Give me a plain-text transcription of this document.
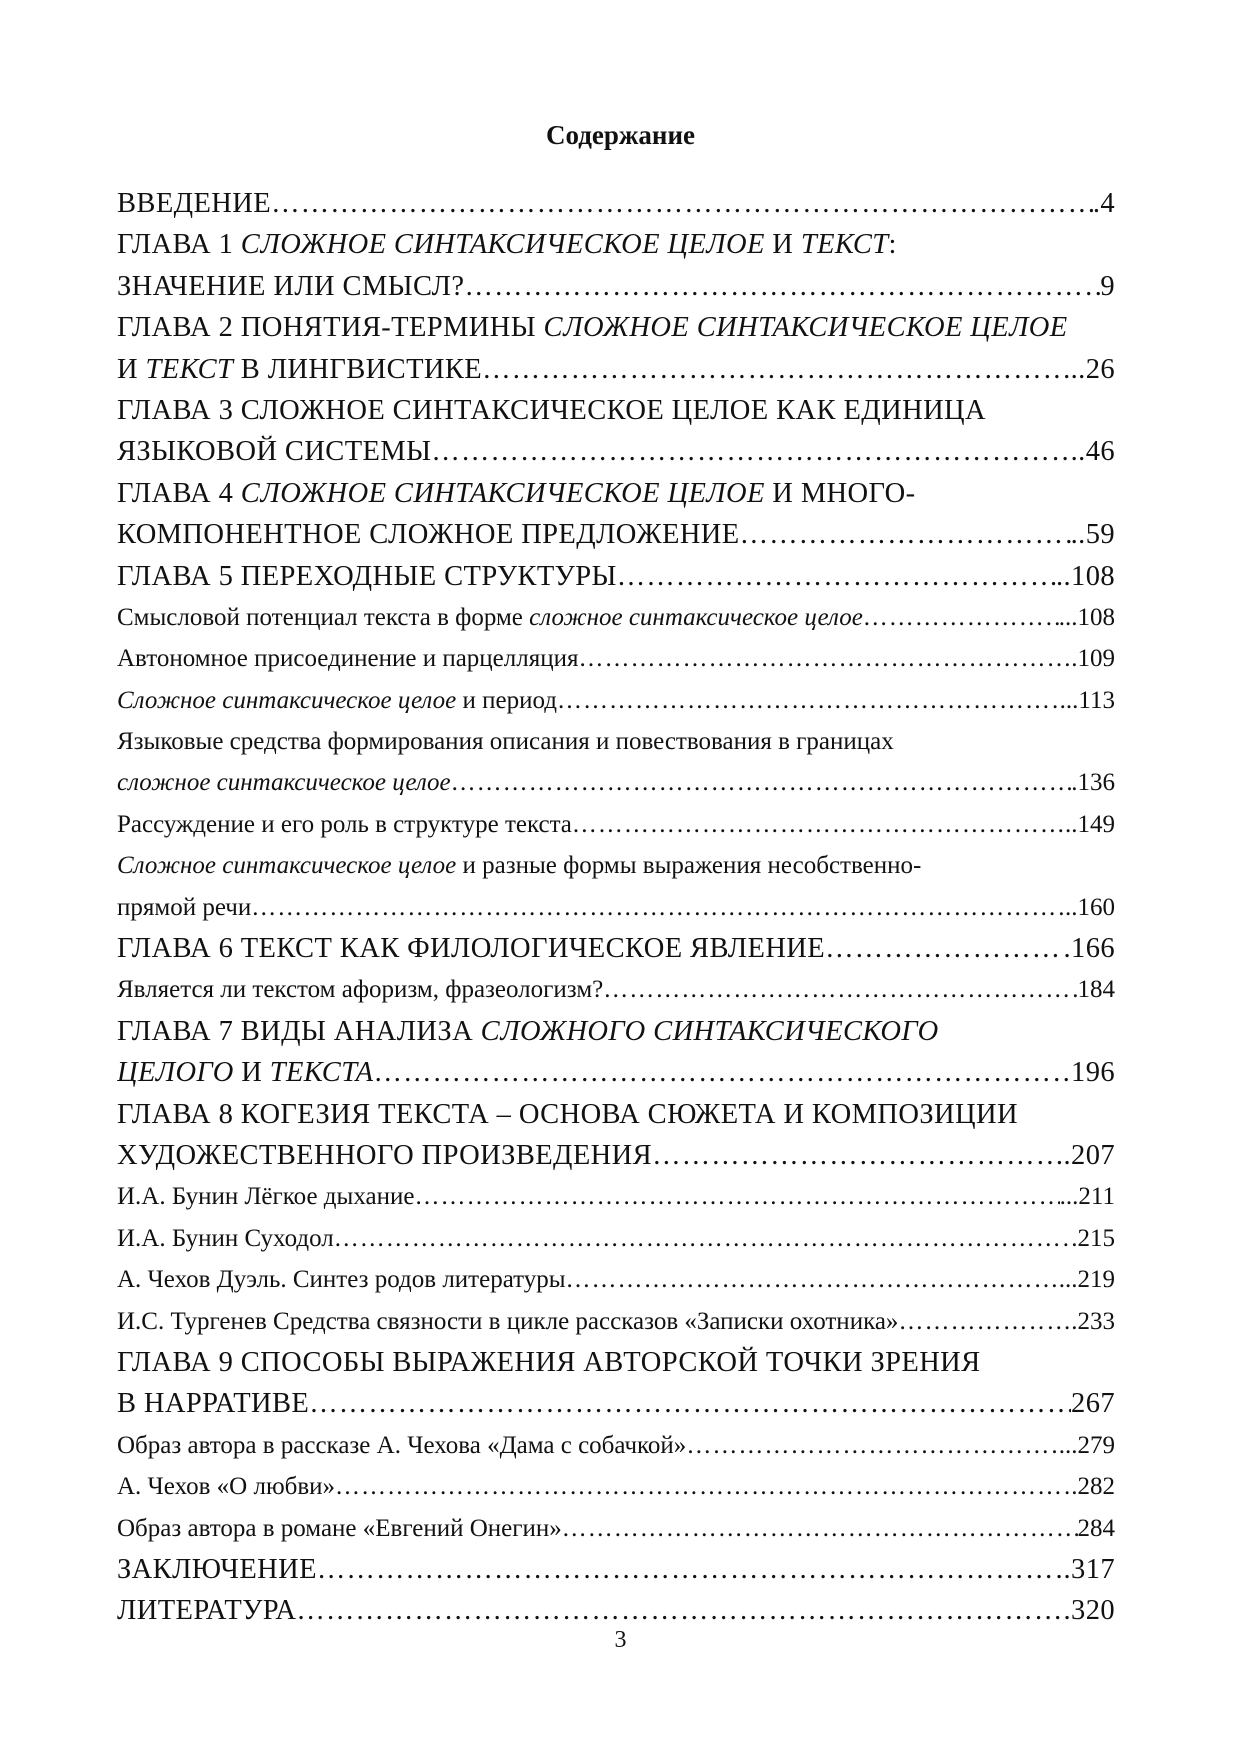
Содержание
ВВЕДЕНИЕ ……………………………………………………………………………………………………………………………………………………………………………………	.4
ГЛАВА 1 СЛОЖНОЕ СИНТАКСИЧЕСКОЕ ЦЕЛОЕ И ТЕКСТ:
ЗНАЧЕНИЕ ИЛИ СМЫСЛ? ……………………………………………………………………………………………………………………………………………………………………………………	9
ГЛАВА 2 ПОНЯТИЯ-ТЕРМИНЫ СЛОЖНОЕ СИНТАКСИЧЕСКОЕ ЦЕЛОЕ
И ТЕКСТ В ЛИНГВИСТИКЕ ……………………………………………………………………………………………………………………………………………………………………………………	...26
ГЛАВА 3 СЛОЖНОЕ СИНТАКСИЧЕСКОЕ ЦЕЛОЕ КАК ЕДИНИЦА
ЯЗЫКОВОЙ СИСТЕМЫ ……………………………………………………………………………………………………………………………………………………………………………………	..46
ГЛАВА 4 СЛОЖНОЕ СИНТАКСИЧЕСКОЕ ЦЕЛОЕ И МНОГО-
КОМПОНЕНТНОЕ СЛОЖНОЕ ПРЕДЛОЖЕНИЕ ……………………………………………………………………………………………………………………………………………………………………………………	..59
ГЛАВА 5 ПЕРЕХОДНЫЕ СТРУКТУРЫ ……………………………………………………………………………………………………………………………………………………………………………………	..108
Смысловой потенциал текста в форме сложное синтаксическое целое ……………………………………………………………………………………………………………………………………………………………………………………	...108
Автономное присоединение и парцелляция ……………………………………………………………………………………………………………………………………………………………………………………	.109
Сложное синтаксическое целое и период ……………………………………………………………………………………………………………………………………………………………………………………	...113
Языковые средства формирования описания и повествования в границах
сложное синтаксическое целое ……………………………………………………………………………………………………………………………………………………………………………………	.136
Рассуждение и его роль в структуре текста ……………………………………………………………………………………………………………………………………………………………………………………	..149
Сложное синтаксическое целое и разные формы выражения несобственно-
прямой речи ……………………………………………………………………………………………………………………………………………………………………………………	..160
ГЛАВА 6 ТЕКСТ КАК ФИЛОЛОГИЧЕСКОЕ ЯВЛЕНИЕ ……………………………………………………………………………………………………………………………………………………………………………………	.166
Является ли текстом афоризм, фразеологизм? ……………………………………………………………………………………………………………………………………………………………………………………	184
ГЛАВА 7 ВИДЫ АНАЛИЗА СЛОЖНОГО СИНТАКСИЧЕСКОГО
ЦЕЛОГО И ТЕКСТА ……………………………………………………………………………………………………………………………………………………………………………………	196
ГЛАВА 8 КОГЕЗИЯ ТЕКСТА – ОСНОВА СЮЖЕТА И КОМПОЗИЦИИ
ХУДОЖЕСТВЕННОГО ПРОИЗВЕДЕНИЯ ……………………………………………………………………………………………………………………………………………………………………………………	.207
И.А. Бунин Лёгкое дыхание ……………………………………………………………………………………………………………………………………………………………………………………	...211
И.А. Бунин Суходол ……………………………………………………………………………………………………………………………………………………………………………………	.215
А. Чехов Дуэль. Синтез родов литературы ……………………………………………………………………………………………………………………………………………………………………………………	...219
И.С. Тургенев Средства связности в цикле рассказов «Записки охотника» ……………………………………………………………………………………………………………………………………………………………………………………	….233
ГЛАВА 9 СПОСОБЫ ВЫРАЖЕНИЯ АВТОРСКОЙ ТОЧКИ ЗРЕНИЯ
В НАРРАТИВЕ ……………………………………………………………………………………………………………………………………………………………………………………	267
Образ автора в рассказе А. Чехова «Дама с собачкой» ……………………………………………………………………………………………………………………………………………………………………………………	...279
А. Чехов «О любви» ……………………………………………………………………………………………………………………………………………………………………………………	.282
Образ автора в романе «Евгений Онегин» ……………………………………………………………………………………………………………………………………………………………………………………	284
ЗАКЛЮЧЕНИЕ ……………………………………………………………………………………………………………………………………………………………………………………	.317
ЛИТЕРАТУРА ……………………………………………………………………………………………………………………………………………………………………………………	.320
3
